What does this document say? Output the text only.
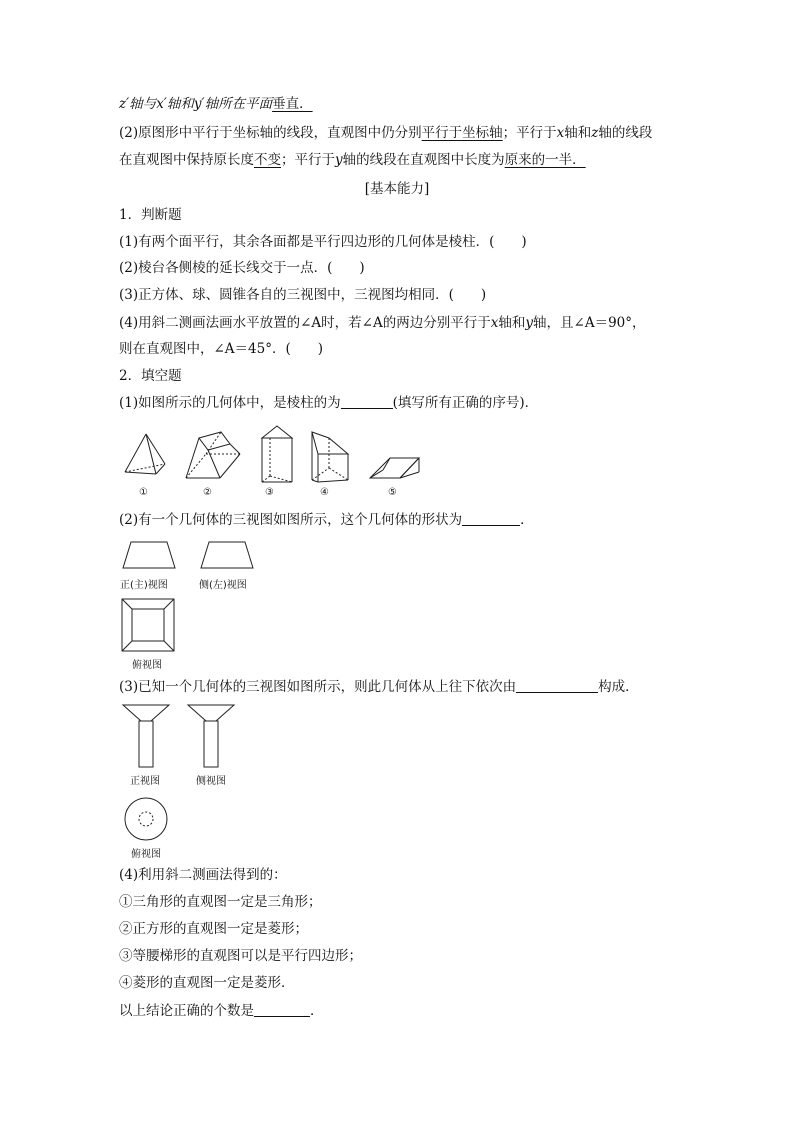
z′轴与x′轴和y′轴所在平面垂直．
(2)原图形中平行于坐标轴的线段，直观图中仍分别平行于坐标轴；平行于x轴和z轴的线段
在直观图中保持原长度不变；平行于y轴的线段在直观图中长度为原来的一半．
[基本能力]
1．判断题
(1)有两个面平行，其余各面都是平行四边形的几何体是棱柱．(　　)
(2)棱台各侧棱的延长线交于一点．(　　)
(3)正方体、球、圆锥各自的三视图中，三视图均相同．(　　)
(4)用斜二测画法画水平放置的∠A时，若∠A的两边分别平行于x轴和y轴，且∠A＝90°，
则在直观图中，∠A＝45°．(　　)
2．填空题
(1)如图所示的几何体中，是棱柱的为	(填写所有正确的序号)．
①	②	③	④	⑤
(2)有一个几何体的三视图如图所示，这个几何体的形状为	．
正(主)视图	侧(左)视图
俯视图
(3)已知一个几何体的三视图如图所示，则此几何体从上往下依次由	构成．
正视图	侧视图
俯视图
(4)利用斜二测画法得到的：
①三角形的直观图一定是三角形；
②正方形的直观图一定是菱形；
③等腰梯形的直观图可以是平行四边形；
④菱形的直观图一定是菱形．
以上结论正确的个数是	．
